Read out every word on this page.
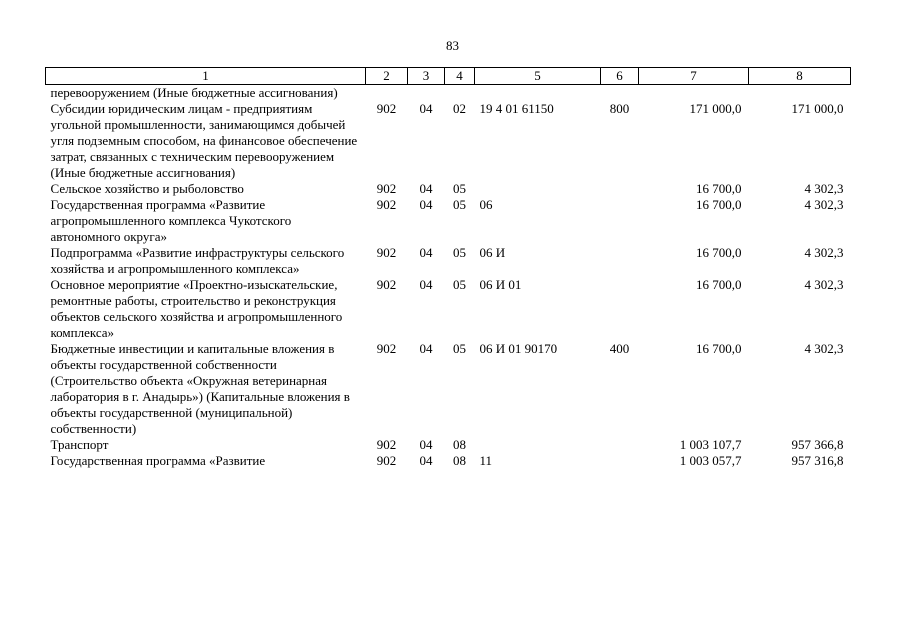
83
1	2	3	4	5	6	7	8
перевооружением (Иные бюджетные ассигнования)							
Субсидии юридическим лицам - предприятиям угольной промышленности, занимающимся добычей угля подземным способом, на финансовое обеспечение затрат, связанных с техническим перевооружением (Иные бюджетные ассигнования)	902	04	02	19 4 01 61150	800	171 000,0	171 000,0
Сельское хозяйство и рыболовство	902	04	05			16 700,0	4 302,3
Государственная программа «Развитие агропромышленного комплекса Чукотского автономного округа»	902	04	05	06		16 700,0	4 302,3
Подпрограмма «Развитие инфраструктуры сельского хозяйства и агропромышленного комплекса»	902	04	05	06 И		16 700,0	4 302,3
Основное мероприятие «Проектно-изыскательские, ремонтные работы, строительство и реконструкция объектов сельского хозяйства и агропромышленного комплекса»	902	04	05	06 И 01		16 700,0	4 302,3
Бюджетные инвестиции и капитальные вложения в объекты государственной собственности (Строительство объекта «Окружная ветеринарная лаборатория в г. Анадырь») (Капитальные вложения в объекты государственной (муниципальной) собственности)	902	04	05	06 И 01 90170	400	16 700,0	4 302,3
Транспорт	902	04	08			1 003 107,7	957 366,8
Государственная программа «Развитие	902	04	08	11		1 003 057,7	957 316,8
